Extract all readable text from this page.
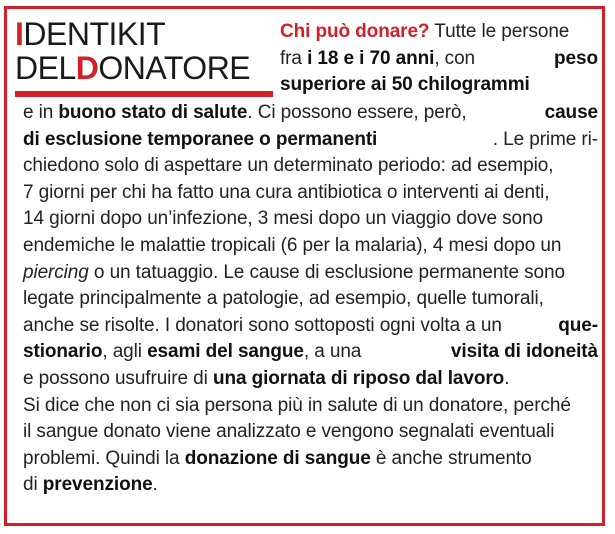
IDENTIKIT
DELDONATORE
Chi può donare? Tutte le persone
fra i 18 e i 70 anni, con	peso
superiore ai 50 chilogrammi
e in buono stato di salute. Ci possono essere, però,	cause
di esclusione temporanee o permanenti	. Le prime ri-
chiedono solo di aspettare un determinato periodo: ad esempio,
7 giorni per chi ha fatto una cura antibiotica o interventi ai denti,
14 giorni dopo un’infezione, 3 mesi dopo un viaggio dove sono
endemiche le malattie tropicali (6 per la malaria), 4 mesi dopo un
piercing o un tatuaggio. Le cause di esclusione permanente sono
legate principalmente a patologie, ad esempio, quelle tumorali,
anche se risolte. I donatori sono sottoposti ogni volta a un	que-
stionario, agli esami del sangue, a una	visita di idoneità
e possono usufruire di una giornata di riposo dal lavoro.
Si dice che non ci sia persona più in salute di un donatore, perché
il sangue donato viene analizzato e vengono segnalati eventuali
problemi. Quindi la donazione di sangue è anche strumento
di prevenzione.
